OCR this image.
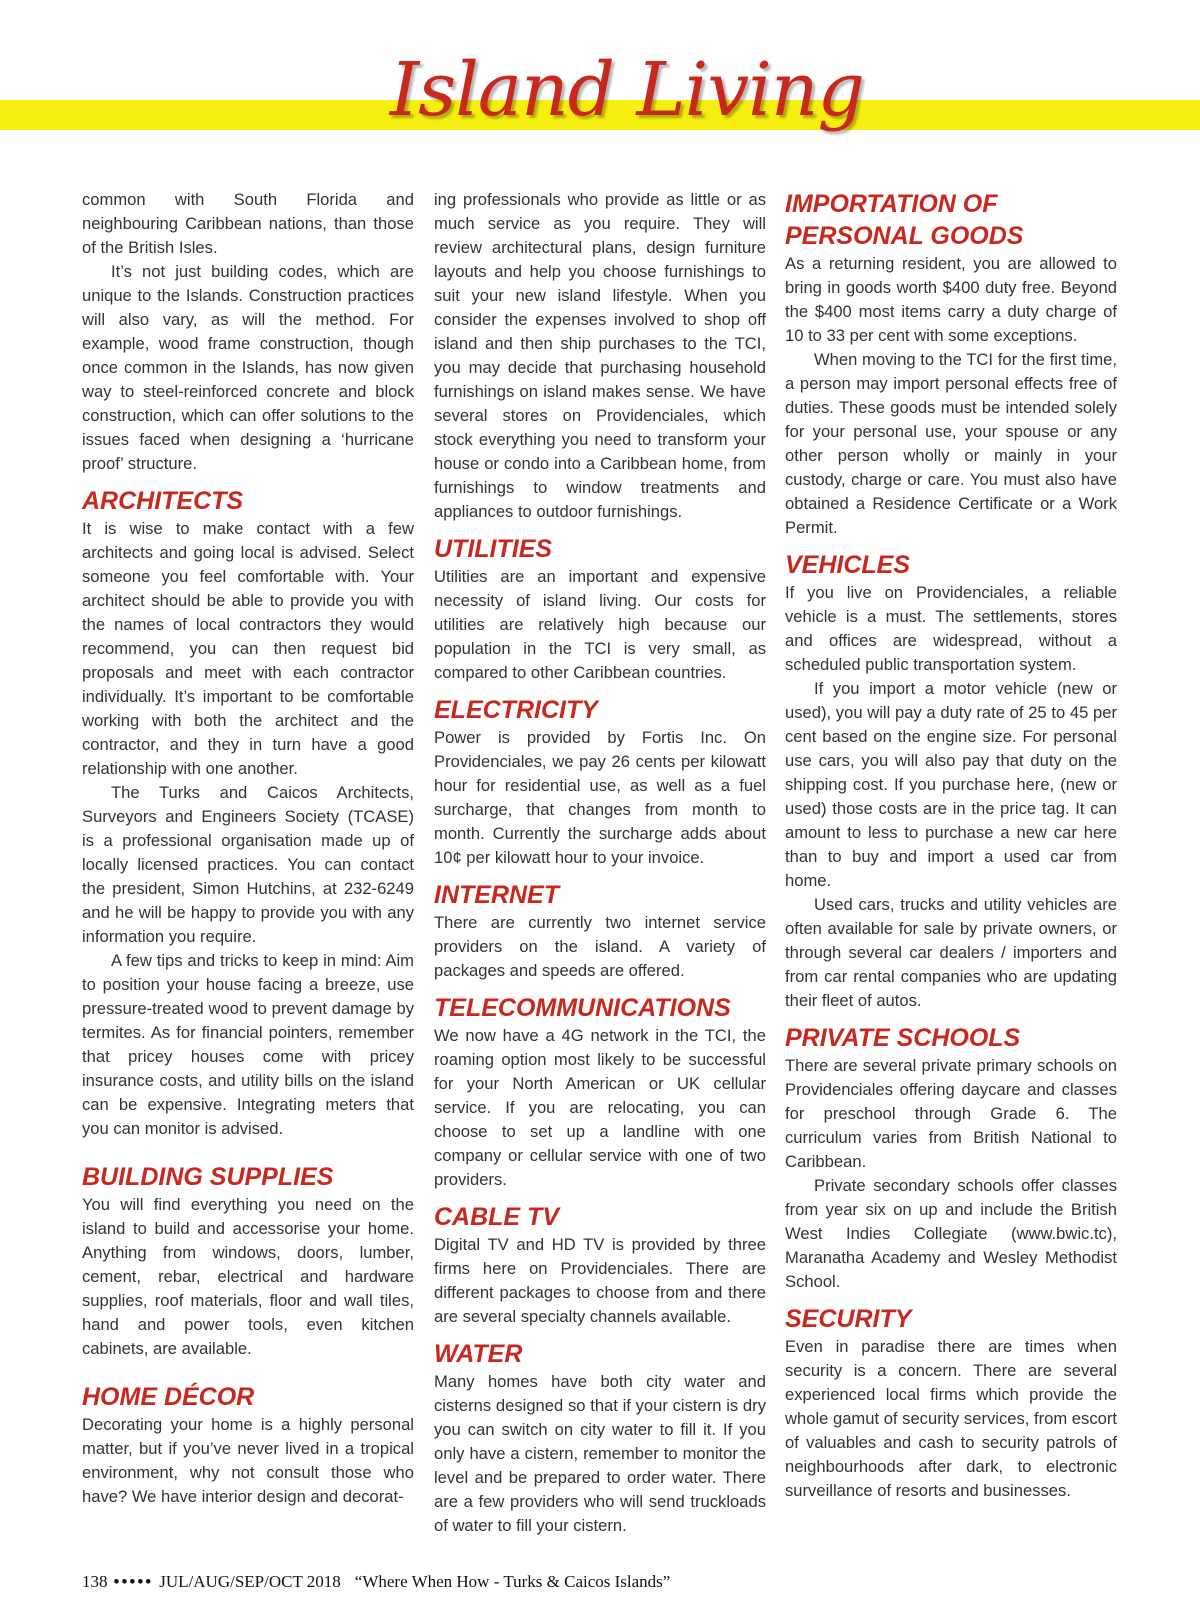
Island Living

common with South Florida and neighbouring Caribbean nations, than those of the British Isles.

It’s not just building codes, which are unique to the Islands. Construction practices will also vary, as will the method. For example, wood frame construction, though once common in the Islands, has now given way to steel-reinforced concrete and block construction, which can offer solutions to the issues faced when designing a ‘hurricane proof’ structure.

ARCHITECTS

It is wise to make contact with a few architects and going local is advised. Select someone you feel comfortable with. Your architect should be able to provide you with the names of local contractors they would recommend, you can then request bid proposals and meet with each contractor individually. It’s important to be comfortable working with both the architect and the contractor, and they in turn have a good relationship with one another.

The Turks and Caicos Architects, Surveyors and Engineers Society (TCASE) is a professional organisation made up of locally licensed practices. You can contact the president, Simon Hutchins, at 232-6249 and he will be happy to provide you with any information you require.

A few tips and tricks to keep in mind: Aim to position your house facing a breeze, use pressure-treated wood to prevent damage by termites. As for financial pointers, remember that pricey houses come with pricey insurance costs, and utility bills on the island can be expensive. Integrating meters that you can monitor is advised.

BUILDING SUPPLIES

You will find everything you need on the island to build and accessorise your home. Anything from windows, doors, lumber, cement, rebar, electrical and hardware supplies, roof materials, floor and wall tiles, hand and power tools, even kitchen cabinets, are available.

HOME DÉCOR

Decorating your home is a highly personal matter, but if you’ve never lived in a tropical environment, why not consult those who have? We have interior design and decorat-

ing professionals who provide as little or as much service as you require. They will review architectural plans, design furniture layouts and help you choose furnishings to suit your new island lifestyle. When you consider the expenses involved to shop off island and then ship purchases to the TCI, you may decide that purchasing household furnishings on island makes sense. We have several stores on Providenciales, which stock everything you need to transform your house or condo into a Caribbean home, from furnishings to window treatments and appliances to outdoor furnishings.

UTILITIES

Utilities are an important and expensive necessity of island living. Our costs for utilities are relatively high because our population in the TCI is very small, as compared to other Caribbean countries.

ELECTRICITY

Power is provided by Fortis Inc. On Providenciales, we pay 26 cents per kilowatt hour for residential use, as well as a fuel surcharge, that changes from month to month. Currently the surcharge adds about 10¢ per kilowatt hour to your invoice.

INTERNET

There are currently two internet service providers on the island. A variety of packages and speeds are offered.

TELECOMMUNICATIONS

We now have a 4G network in the TCI, the roaming option most likely to be successful for your North American or UK cellular service. If you are relocating, you can choose to set up a landline with one company or cellular service with one of two providers.

CABLE TV

Digital TV and HD TV is provided by three firms here on Providenciales. There are different packages to choose from and there are several specialty channels available.

WATER

Many homes have both city water and cisterns designed so that if your cistern is dry you can switch on city water to fill it. If you only have a cistern, remember to monitor the level and be prepared to order water. There are a few providers who will send truckloads of water to fill your cistern.

IMPORTATION OF PERSONAL GOODS

As a returning resident, you are allowed to bring in goods worth $400 duty free. Beyond the $400 most items carry a duty charge of 10 to 33 per cent with some exceptions.

When moving to the TCI for the first time, a person may import personal effects free of duties. These goods must be intended solely for your personal use, your spouse or any other person wholly or mainly in your custody, charge or care. You must also have obtained a Residence Certificate or a Work Permit.

VEHICLES

If you live on Providenciales, a reliable vehicle is a must. The settlements, stores and offices are widespread, without a scheduled public transportation system.

If you import a motor vehicle (new or used), you will pay a duty rate of 25 to 45 per cent based on the engine size. For personal use cars, you will also pay that duty on the shipping cost. If you purchase here, (new or used) those costs are in the price tag. It can amount to less to purchase a new car here than to buy and import a used car from home.

Used cars, trucks and utility vehicles are often available for sale by private owners, or through several car dealers / importers and from car rental companies who are updating their fleet of autos.

PRIVATE SCHOOLS

There are several private primary schools on Providenciales offering daycare and classes for preschool through Grade 6. The curriculum varies from British National to Caribbean.

Private secondary schools offer classes from year six on up and include the British West Indies Collegiate (www.bwic.tc), Maranatha Academy and Wesley Methodist School.

SECURITY

Even in paradise there are times when security is a concern. There are several experienced local firms which provide the whole gamut of security services, from escort of valuables and cash to security patrols of neighbourhoods after dark, to electronic surveillance of resorts and businesses.

138 ••••• JUL/AUG/SEP/OCT 2018 “Where When How - Turks & Caicos Islands”
